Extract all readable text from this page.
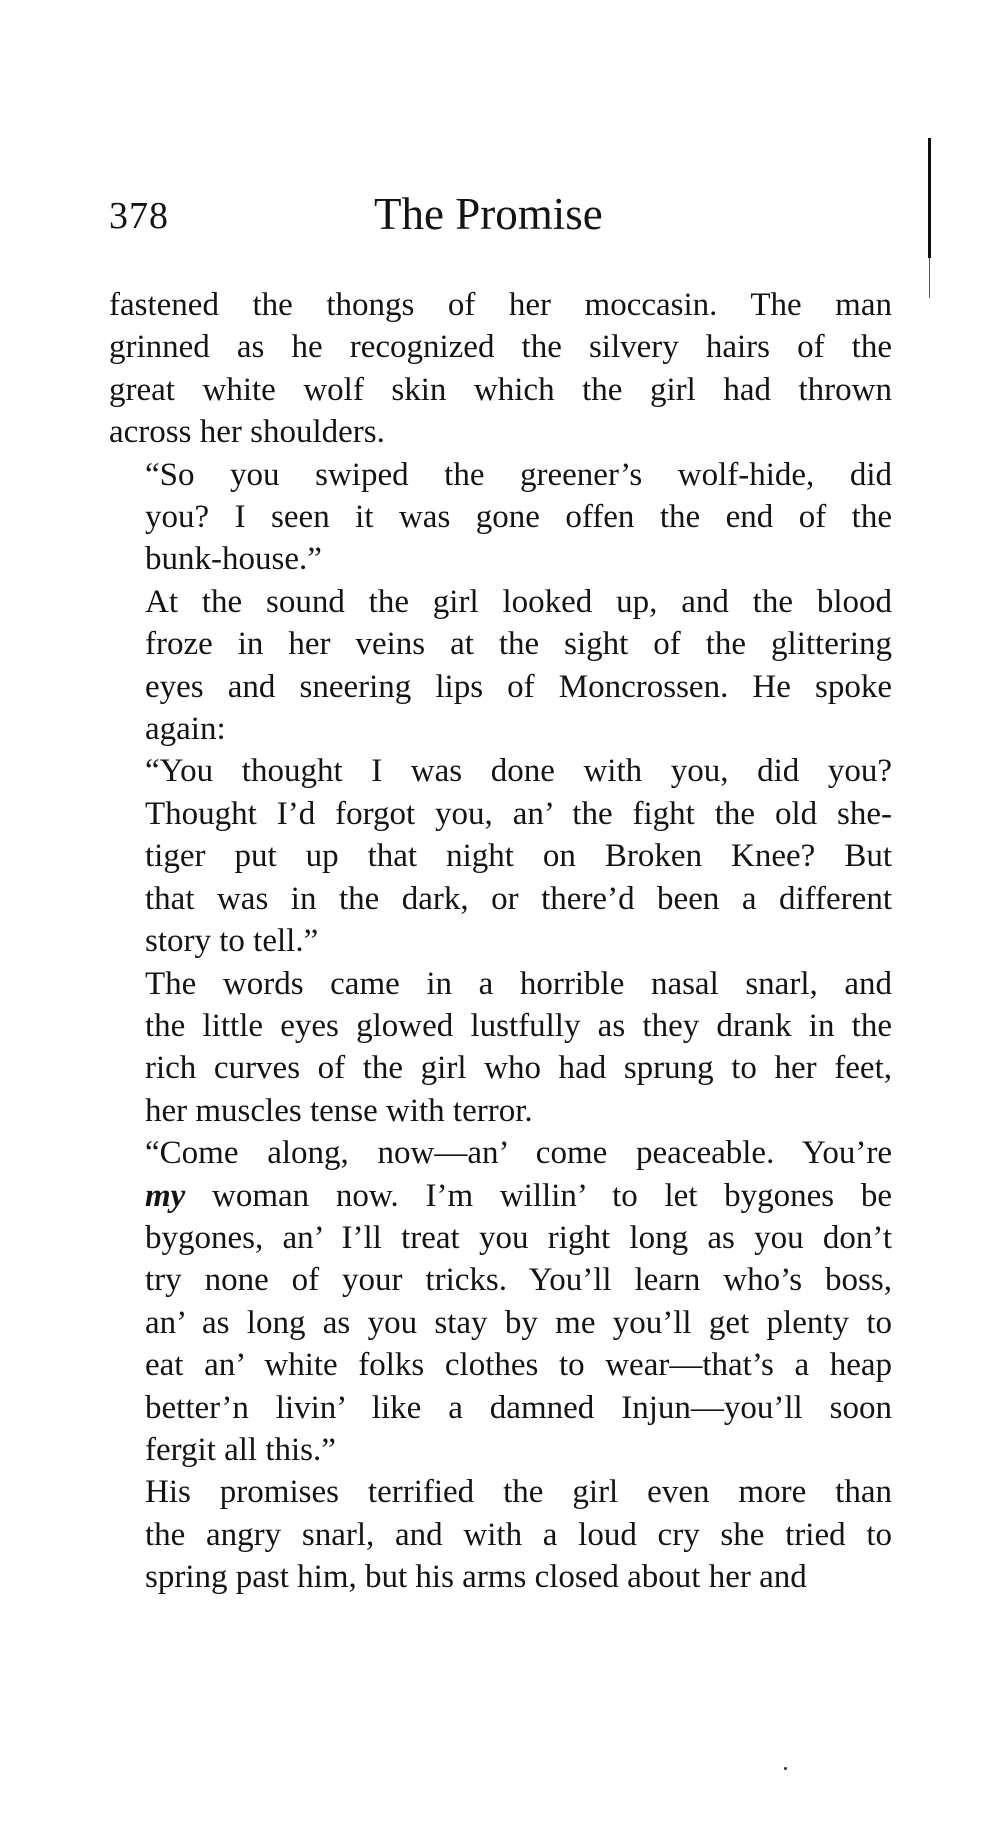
378	The Promise

fastened the thongs of her moccasin. The man
grinned as he recognized the silvery hairs of the
great white wolf skin which the girl had thrown
across her shoulders.

“So you swiped the greener’s wolf-hide, did
you? I seen it was gone offen the end of the
bunk-house.”

At the sound the girl looked up, and the blood
froze in her veins at the sight of the glittering
eyes and sneering lips of Moncrossen. He spoke
again:

“You thought I was done with you, did you?
Thought I’d forgot you, an’ the fight the old she-
tiger put up that night on Broken Knee? But
that was in the dark, or there’d been a different
story to tell.”

The words came in a horrible nasal snarl, and
the little eyes glowed lustfully as they drank in the
rich curves of the girl who had sprung to her feet,
her muscles tense with terror.

“Come along, now—an’ come peaceable. You’re
my woman now. I’m willin’ to let bygones be
bygones, an’ I’ll treat you right long as you don’t
try none of your tricks. You’ll learn who’s boss,
an’ as long as you stay by me you’ll get plenty to
eat an’ white folks clothes to wear—that’s a heap
better’n livin’ like a damned Injun—you’ll soon
fergit all this.”

His promises terrified the girl even more than
the angry snarl, and with a loud cry she tried to
spring past him, but his arms closed about her and
